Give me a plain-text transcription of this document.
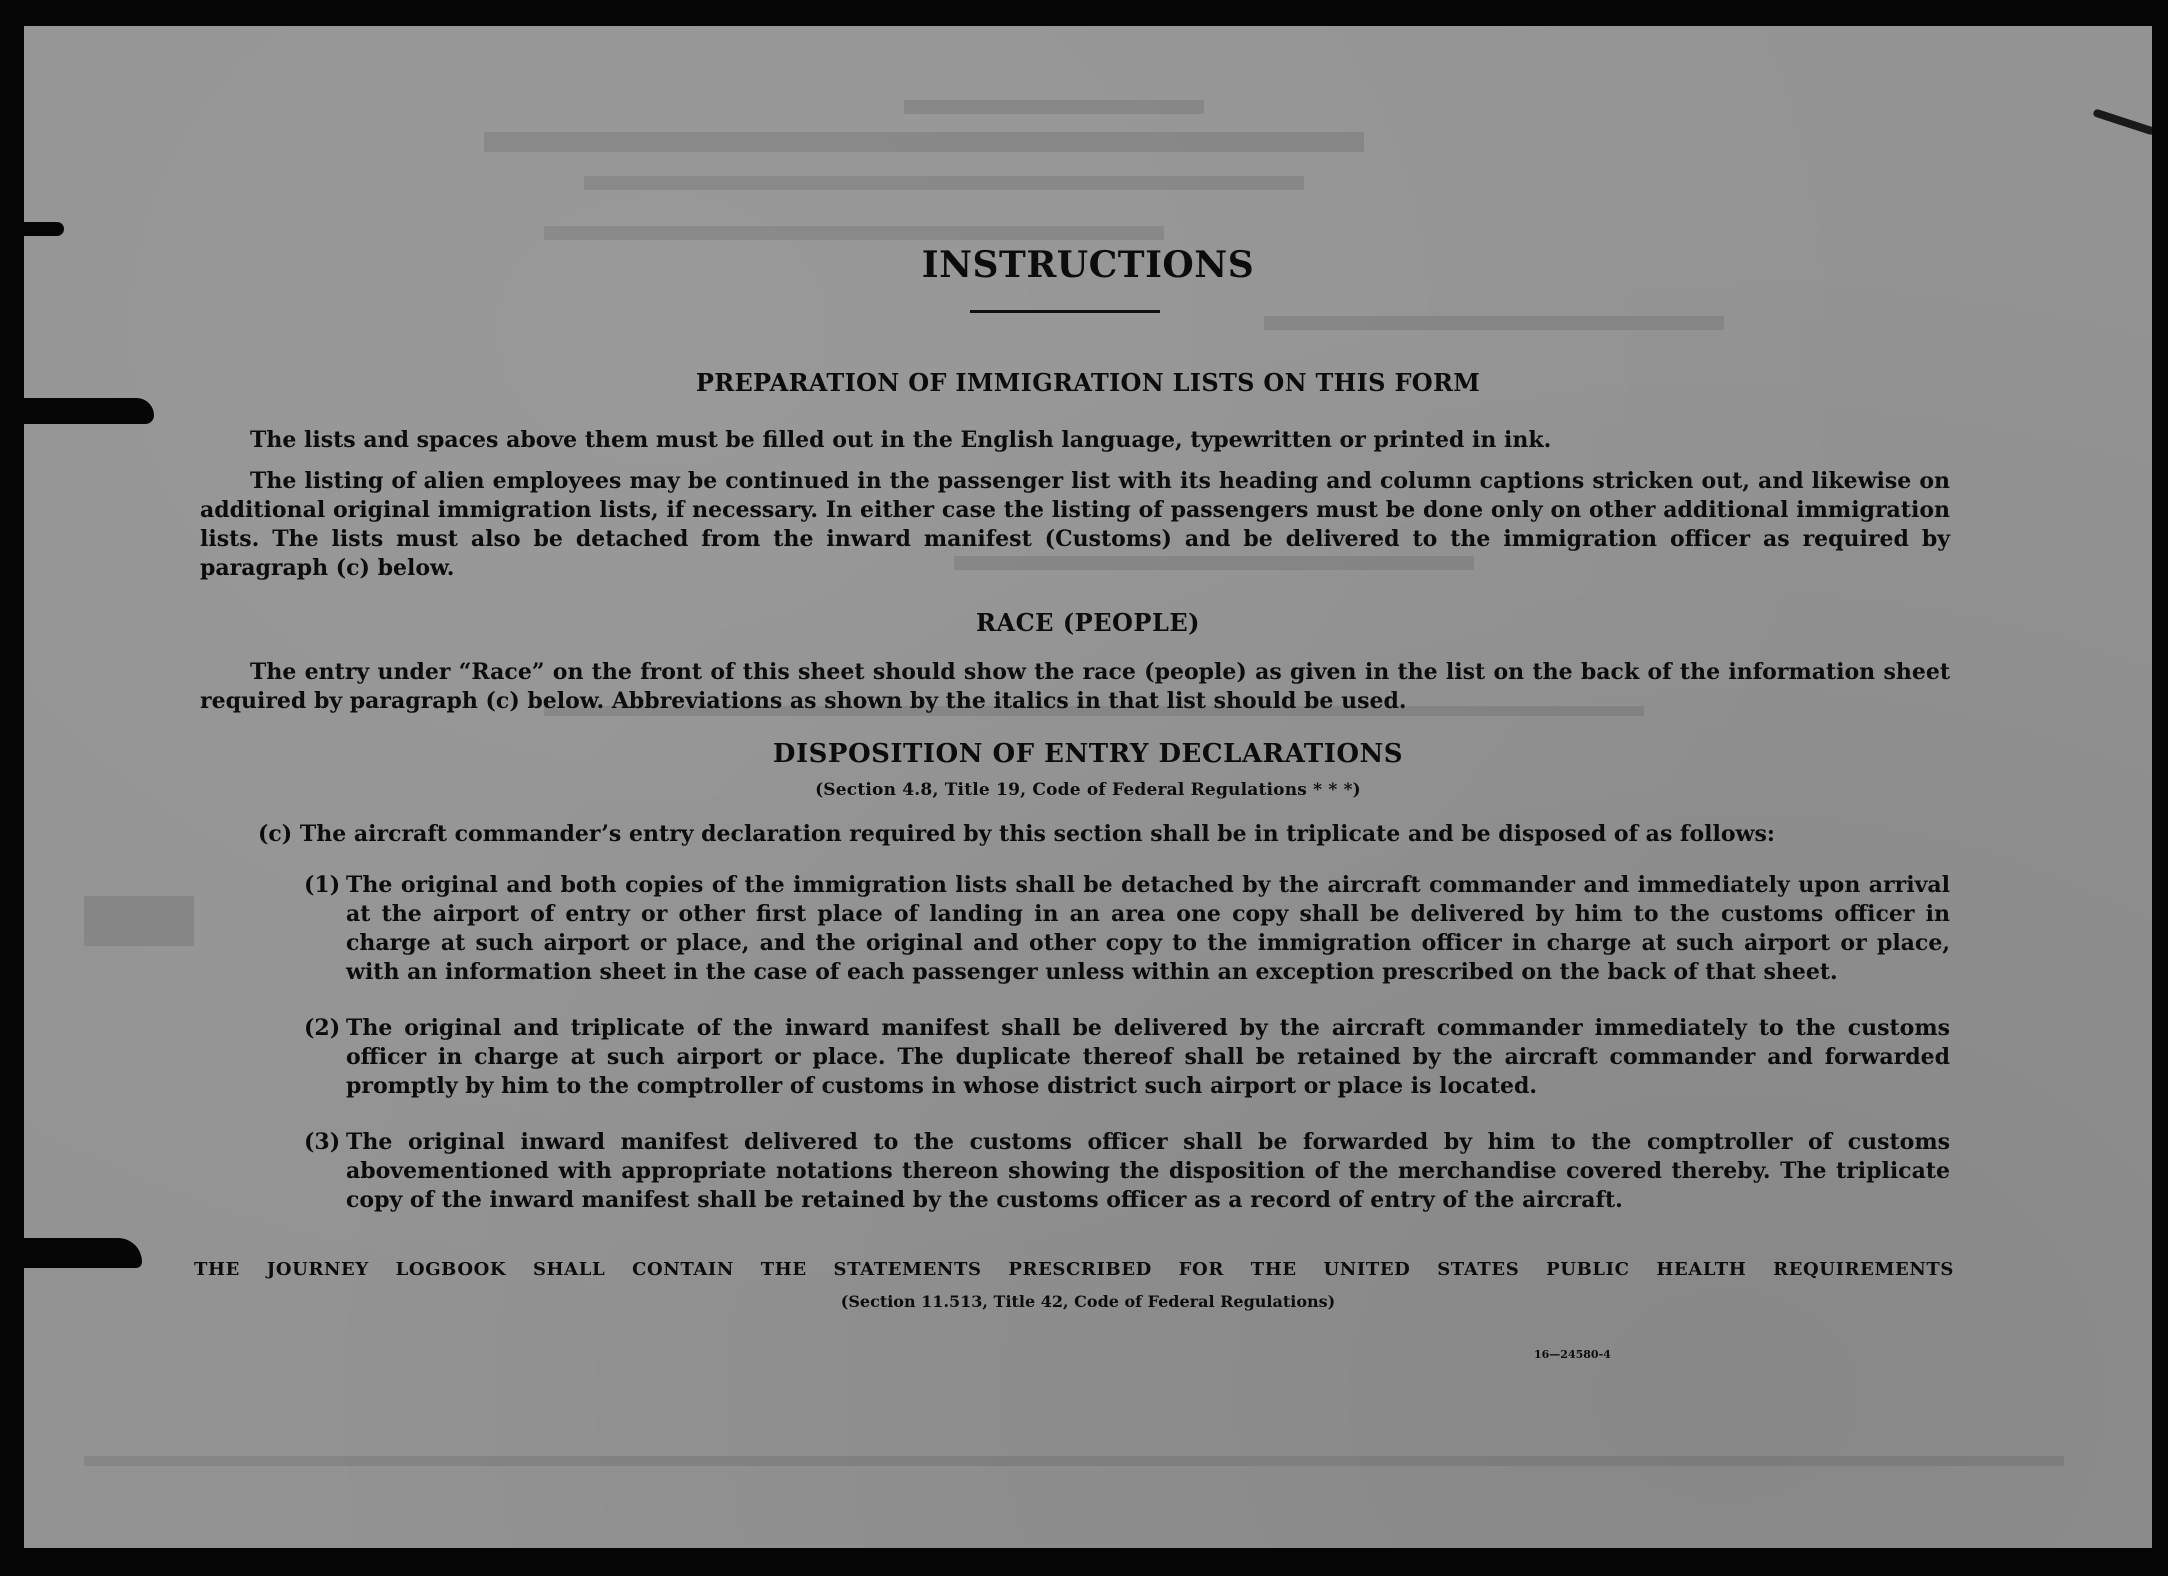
INSTRUCTIONS
PREPARATION OF IMMIGRATION LISTS ON THIS FORM
The lists and spaces above them must be filled out in the English language, typewritten or printed in ink.
The listing of alien employees may be continued in the passenger list with its heading and column captions stricken out, and likewise on additional original immigration lists, if necessary. In either case the listing of passengers must be done only on other additional immigration lists. The lists must also be detached from the inward manifest (Customs) and be delivered to the immigration officer as required by paragraph (c) below.
RACE (PEOPLE)
The entry under “Race” on the front of this sheet should show the race (people) as given in the list on the back of the information sheet required by paragraph (c) below. Abbreviations as shown by the italics in that list should be used.
DISPOSITION OF ENTRY DECLARATIONS
(Section 4.8, Title 19, Code of Federal Regulations * * *)
(c) The aircraft commander’s entry declaration required by this section shall be in triplicate and be disposed of as follows:
(1) The original and both copies of the immigration lists shall be detached by the aircraft commander and immediately upon arrival at the airport of entry or other first place of landing in an area one copy shall be delivered by him to the customs officer in charge at such airport or place, and the original and other copy to the immigration officer in charge at such airport or place, with an information sheet in the case of each passenger unless within an exception prescribed on the back of that sheet.
(2) The original and triplicate of the inward manifest shall be delivered by the aircraft commander immediately to the customs officer in charge at such airport or place. The duplicate thereof shall be retained by the aircraft commander and forwarded promptly by him to the comptroller of customs in whose district such airport or place is located.
(3) The original inward manifest delivered to the customs officer shall be forwarded by him to the comptroller of customs abovementioned with appropriate notations thereon showing the disposition of the merchandise covered thereby. The triplicate copy of the inward manifest shall be retained by the customs officer as a record of entry of the aircraft.
THE JOURNEY LOGBOOK SHALL CONTAIN THE STATEMENTS PRESCRIBED FOR THE UNITED STATES PUBLIC HEALTH REQUIREMENTS
(Section 11.513, Title 42, Code of Federal Regulations)
16—24580-4
